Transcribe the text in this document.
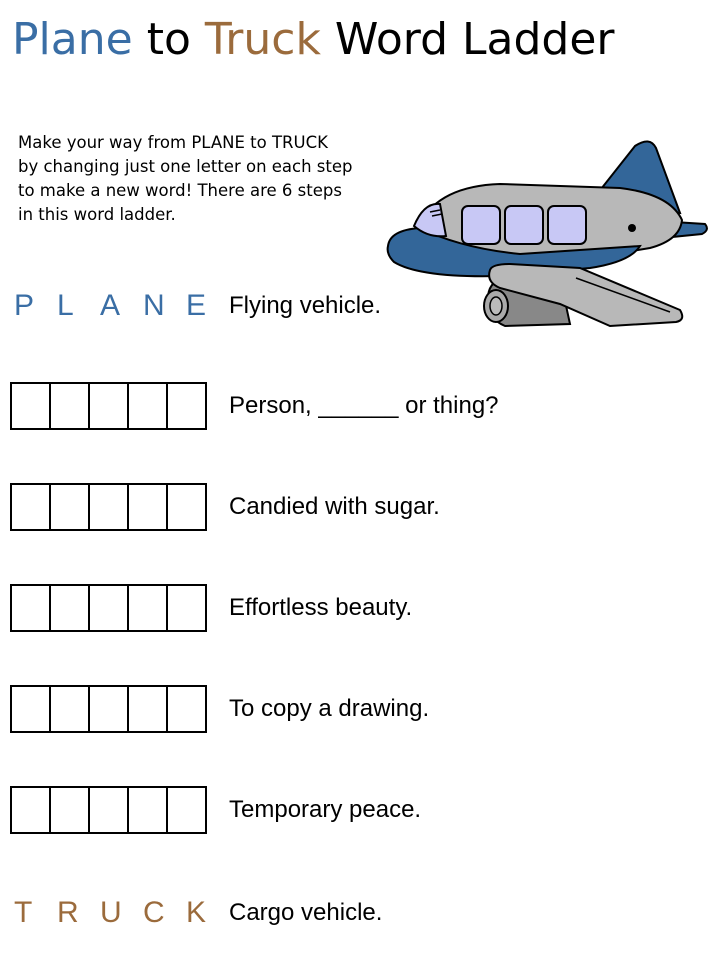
Plane to Truck Word Ladder
Make your way from PLANE to TRUCK
by changing just one letter on each step
to make a new word! There are 6 steps
in this word ladder.
P L A N E Flying vehicle.
Person, ______ or thing?
Candied with sugar.
Effortless beauty.
To copy a drawing.
Temporary peace.
T R U C K Cargo vehicle.
